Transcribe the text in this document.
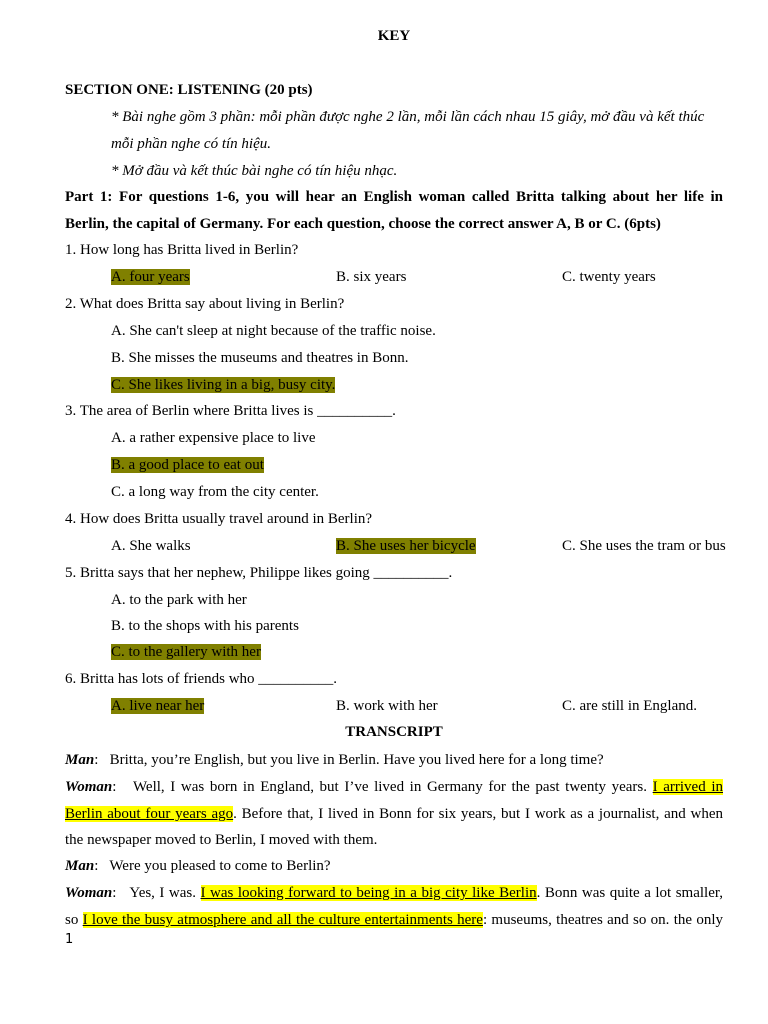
KEY
SECTION ONE: LISTENING (20 pts)
* Bài nghe gồm 3 phần: mỗi phần được nghe 2 lần, mỗi lần cách nhau 15 giây, mở đầu và kết thúc
mỗi phần nghe có tín hiệu.
* Mở đầu và kết thúc bài nghe có tín hiệu nhạc.
Part 1: For questions 1-6, you will hear an English woman called Britta talking about her life in
Berlin, the capital of Germany. For each question, choose the correct answer A, B or C. (6pts)
1. How long has Britta lived in Berlin?
A. four years	B. six years	C. twenty years
2. What does Britta say about living in Berlin?
A. She can't sleep at night because of the traffic noise.
B. She misses the museums and theatres in Bonn.
C. She likes living in a big, busy city.
3. The area of Berlin where Britta lives is __________.
A. a rather expensive place to live
B. a good place to eat out
C. a long way from the city center.
4. How does Britta usually travel around in Berlin?
A. She walks	B. She uses her bicycle	C. She uses the tram or bus
5. Britta says that her nephew, Philippe likes going __________.
A. to the park with her
B. to the shops with his parents
C. to the gallery with her
6. Britta has lots of friends who __________.
A. live near her	B. work with her	C. are still in England.
TRANSCRIPT
Man: Britta, you’re English, but you live in Berlin. Have you lived here for a long time?
Woman: Well, I was born in England, but I’ve lived in Germany for the past twenty years. I arrived in
Berlin about four years ago. Before that, I lived in Bonn for six years, but I work as a journalist, and when
the newspaper moved to Berlin, I moved with them.
Man: Were you pleased to come to Berlin?
Woman: Yes, I was. I was looking forward to being in a big city like Berlin. Bonn was quite a lot smaller,
so I love the busy atmosphere and all the culture entertainments here: museums, theatres and so on. the only
1
